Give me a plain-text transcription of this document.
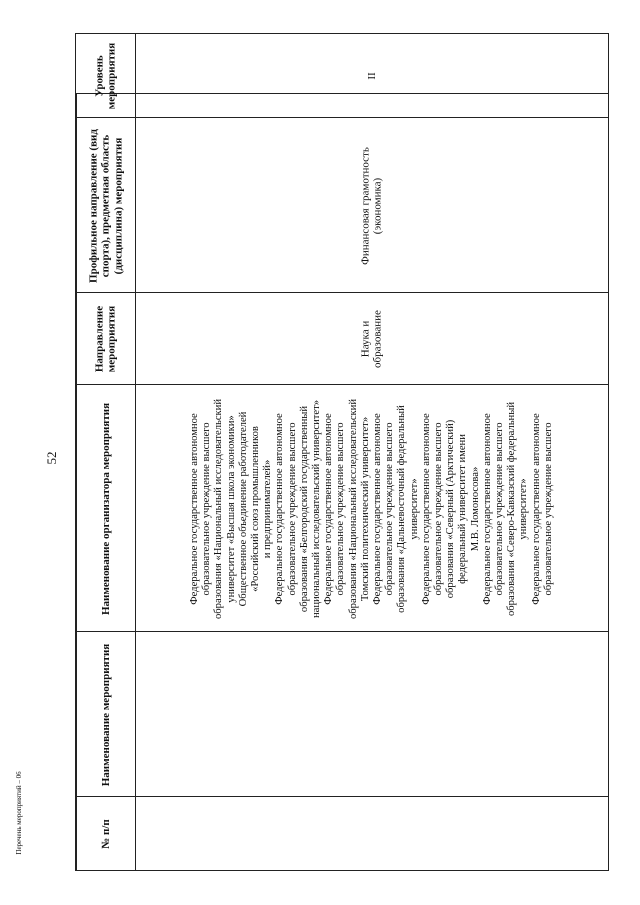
52
Перечень мероприятий – 06	№ п/п
Наименование мероприятия
Наименование организатора мероприятия	Федеральное государственное автономное образовательное учреждение высшего образования «Национальный исследовательский университет «Высшая школа экономики» Общественное объединение работодателей «Российский союз промышленников и предпринимателей» Федеральное государственное автономное образовательное учреждение высшего образования «Белгородский государственный национальный исследовательский университет» Федеральное государственное автономное образовательное учреждение высшего образования «Национальный исследовательский Томский политехнический университет» Федеральное государственное автономное образовательное учреждение высшего образования «Дальневосточный федеральный университет» Федеральное государственное автономное образовательное учреждение высшего образования «Северный (Арктический) федеральный университет имени М.В. Ломоносова» Федеральное государственное автономное образовательное учреждение высшего образования «Северо-Кавказский федеральный университет» Федеральное государственное автономное образовательное учреждение высшего
Направление мероприятия	Наука и образование
Профильное направление (вид спорта), предметная область (дисциплина) мероприятия	Финансовая грамотность (экономика)
Уровень мероприятия	II
